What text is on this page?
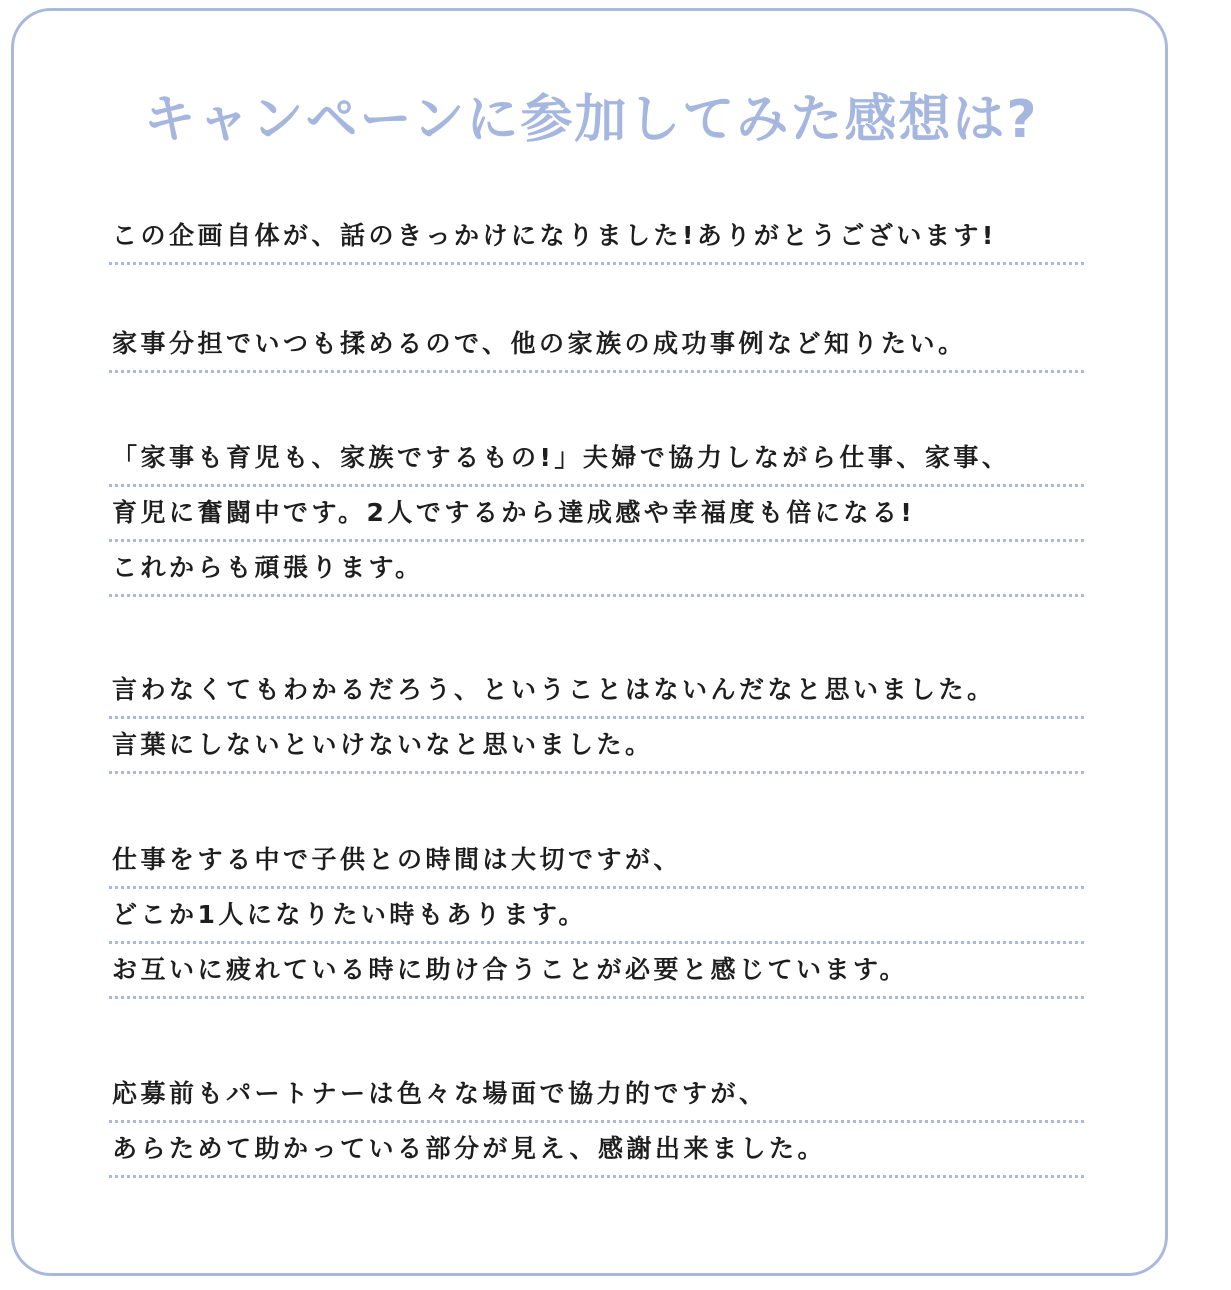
キャンペーンに参加してみた感想は?
この企画自体が、話のきっかけになりました!ありがとうございます!
家事分担でいつも揉めるので、他の家族の成功事例など知りたい。
「家事も育児も、家族でするもの!」夫婦で協力しながら仕事、家事、
育児に奮闘中です。2人でするから達成感や幸福度も倍になる!
これからも頑張ります。
言わなくてもわかるだろう、ということはないんだなと思いました。
言葉にしないといけないなと思いました。
仕事をする中で子供との時間は大切ですが、
どこか1人になりたい時もあります。
お互いに疲れている時に助け合うことが必要と感じています。
応募前もパートナーは色々な場面で協力的ですが、
あらためて助かっている部分が見え、感謝出来ました。
